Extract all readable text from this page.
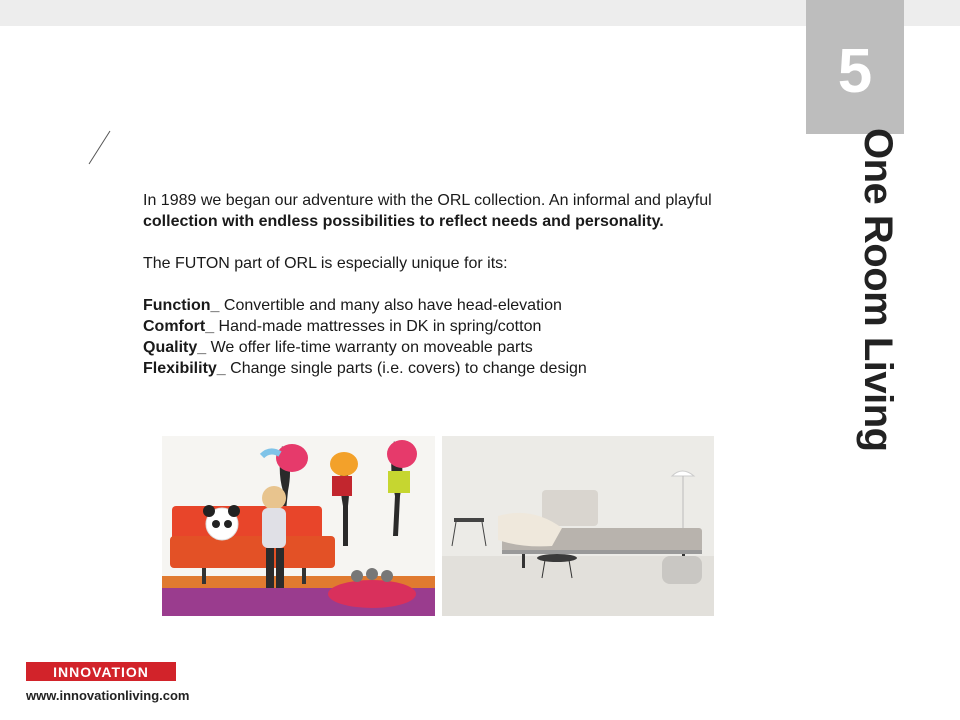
5
One Room Living

In 1989 we began our adventure with the ORL collection. An informal and playful collection with endless possibilities to reflect needs and personality.

The FUTON part of ORL is especially unique for its:

Function_ Convertible and many also have head-elevation

Comfort_ Hand-made mattresses in DK in spring/cotton

Quality_ We offer life-time warranty on moveable parts

Flexibility_ Change single parts (i.e. covers) to change design

INNOVATION
www.innovationliving.com
